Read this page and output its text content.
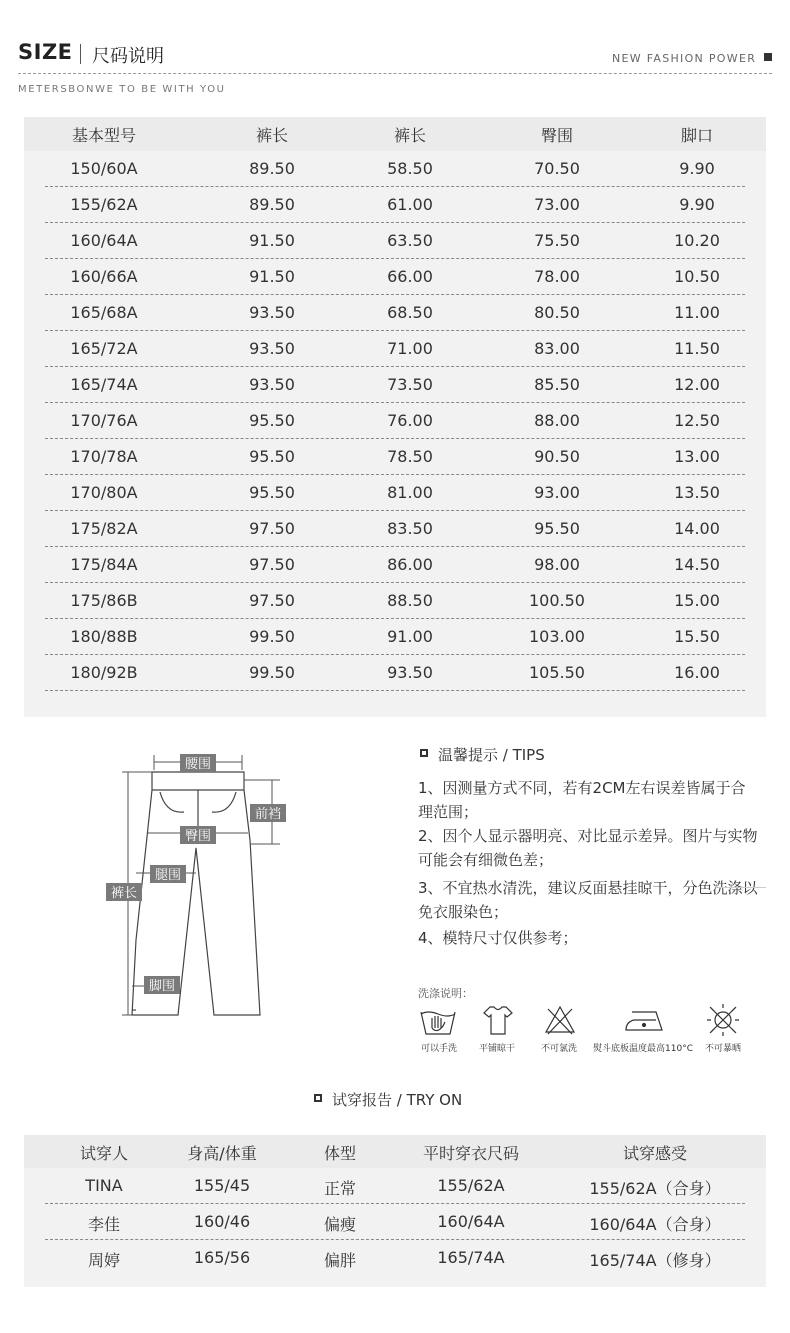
SIZE 尺码说明	NEW FASHION POWER
METERSBONWE TO BE WITH YOU
基本型号	裤长	裤长	臀围	脚口
150/60A	89.50	58.50	70.50	9.90
155/62A	89.50	61.00	73.00	9.90
160/64A	91.50	63.50	75.50	10.20
160/66A	91.50	66.00	78.00	10.50
165/68A	93.50	68.50	80.50	11.00
165/72A	93.50	71.00	83.00	11.50
165/74A	93.50	73.50	85.50	12.00
170/76A	95.50	76.00	88.00	12.50
170/78A	95.50	78.50	90.50	13.00
170/80A	95.50	81.00	93.00	13.50
175/82A	97.50	83.50	95.50	14.00
175/84A	97.50	86.00	98.00	14.50
175/86B	97.50	88.50	100.50	15.00
180/88B	99.50	91.00	103.00	15.50
180/92B	99.50	93.50	105.50	16.00
腰围
前裆
臀围
腿围
裤长
脚围
温馨提示 / TIPS
1、因测量方式不同，若有2CM左右误差皆属于合理范围；
2、因个人显示器明亮、对比显示差异。图片与实物可能会有细微色差；
3、不宜热水清洗，建议反面悬挂晾干，分色洗涤以免衣服染色；
4、模特尺寸仅供参考；
洗涤说明：
可以手洗	平铺晾干	不可氯洗	熨斗底板温度最高110°C	不可暴晒
试穿报告 / TRY ON
试穿人	身高/体重	体型	平时穿衣尺码	试穿感受
TINA	155/45	正常	155/62A	155/62A（合身）
李佳	160/46	偏瘦	160/64A	160/64A（合身）
周婷	165/56	偏胖	165/74A	165/74A（修身）
